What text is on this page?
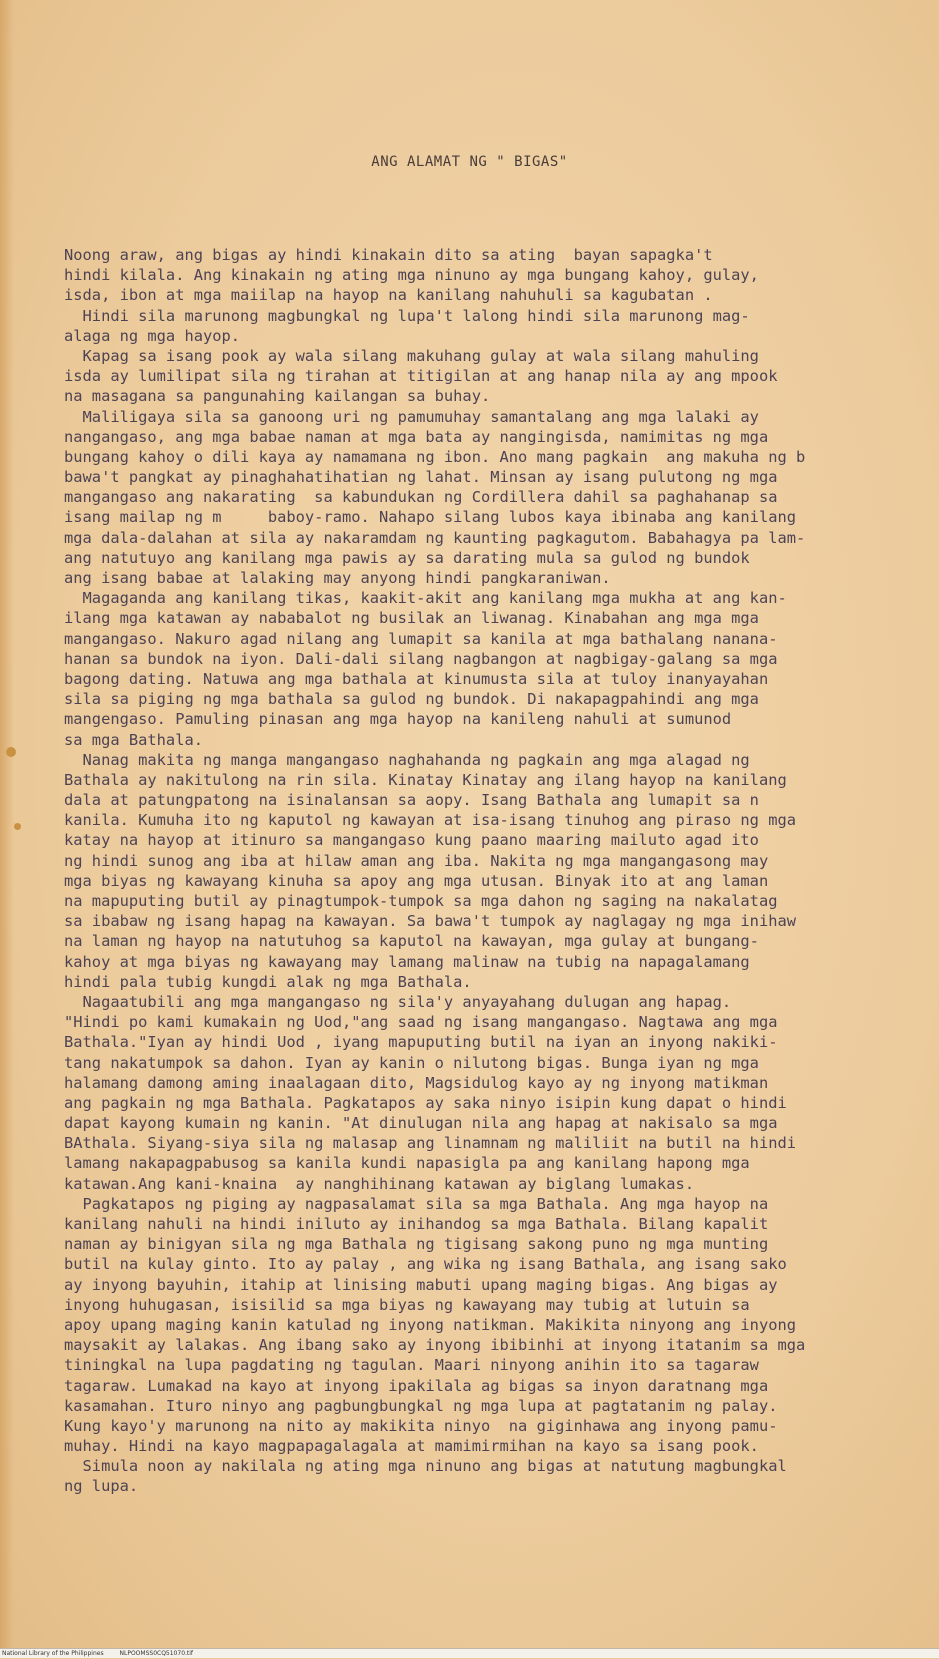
ANG ALAMAT NG " BIGAS"
Noong araw, ang bigas ay hindi kinakain dito sa ating  bayan sapagka't
hindi kilala. Ang kinakain ng ating mga ninuno ay mga bungang kahoy, gulay,
isda, ibon at mga maiilap na hayop na kanilang nahuhuli sa kagubatan .
Hindi sila marunong magbungkal ng lupa't lalong hindi sila marunong mag-
alaga ng mga hayop.
Kapag sa isang pook ay wala silang makuhang gulay at wala silang mahuling
isda ay lumilipat sila ng tirahan at titigilan at ang hanap nila ay ang mpook
na masagana sa pangunahing kailangan sa buhay.
Maliligaya sila sa ganoong uri ng pamumuhay samantalang ang mga lalaki ay
nangangaso, ang mga babae naman at mga bata ay nangingisda, namimitas ng mga
bungang kahoy o dili kaya ay namamana ng ibon. Ano mang pagkain  ang makuha ng b
bawa't pangkat ay pinaghahatihatian ng lahat. Minsan ay isang pulutong ng mga
mangangaso ang nakarating  sa kabundukan ng Cordillera dahil sa paghahanap sa
isang mailap ng m     baboy-ramo. Nahapo silang lubos kaya ibinaba ang kanilang
mga dala-dalahan at sila ay nakaramdam ng kaunting pagkagutom. Babahagya pa lam-
ang natutuyo ang kanilang mga pawis ay sa darating mula sa gulod ng bundok
ang isang babae at lalaking may anyong hindi pangkaraniwan.
Magaganda ang kanilang tikas, kaakit-akit ang kanilang mga mukha at ang kan-
ilang mga katawan ay nababalot ng busilak an liwanag. Kinabahan ang mga mga
mangangaso. Nakuro agad nilang ang lumapit sa kanila at mga bathalang nanana-
hanan sa bundok na iyon. Dali-dali silang nagbangon at nagbigay-galang sa mga
bagong dating. Natuwa ang mga bathala at kinumusta sila at tuloy inanyayahan
sila sa piging ng mga bathala sa gulod ng bundok. Di nakapagpahindi ang mga
mangengaso. Pamuling pinasan ang mga hayop na kanileng nahuli at sumunod
sa mga Bathala.
Nanag makita ng manga mangangaso naghahanda ng pagkain ang mga alagad ng
Bathala ay nakitulong na rin sila. Kinatay Kinatay ang ilang hayop na kanilang
dala at patungpatong na isinalansan sa aopy. Isang Bathala ang lumapit sa n
kanila. Kumuha ito ng kaputol ng kawayan at isa-isang tinuhog ang piraso ng mga
katay na hayop at itinuro sa mangangaso kung paano maaring mailuto agad ito
ng hindi sunog ang iba at hilaw aman ang iba. Nakita ng mga mangangasong may
mga biyas ng kawayang kinuha sa apoy ang mga utusan. Binyak ito at ang laman
na mapuputing butil ay pinagtumpok-tumpok sa mga dahon ng saging na nakalatag
sa ibabaw ng isang hapag na kawayan. Sa bawa't tumpok ay naglagay ng mga inihaw
na laman ng hayop na natutuhog sa kaputol na kawayan, mga gulay at bungang-
kahoy at mga biyas ng kawayang may lamang malinaw na tubig na napagalamang
hindi pala tubig kungdi alak ng mga Bathala.
Nagaatubili ang mga mangangaso ng sila'y anyayahang dulugan ang hapag.
"Hindi po kami kumakain ng Uod,"ang saad ng isang mangangaso. Nagtawa ang mga
Bathala."Iyan ay hindi Uod , iyang mapuputing butil na iyan an inyong nakiki-
tang nakatumpok sa dahon. Iyan ay kanin o nilutong bigas. Bunga iyan ng mga
halamang damong aming inaalagaan dito, Magsidulog kayo ay ng inyong matikman
ang pagkain ng mga Bathala. Pagkatapos ay saka ninyo isipin kung dapat o hindi
dapat kayong kumain ng kanin. "At dinulugan nila ang hapag at nakisalo sa mga
BAthala. Siyang-siya sila ng malasap ang linamnam ng maliliit na butil na hindi
lamang nakapagpabusog sa kanila kundi napasigla pa ang kanilang hapong mga
katawan.Ang kani-knaina  ay nanghihinang katawan ay biglang lumakas.
Pagkatapos ng piging ay nagpasalamat sila sa mga Bathala. Ang mga hayop na
kanilang nahuli na hindi iniluto ay inihandog sa mga Bathala. Bilang kapalit
naman ay binigyan sila ng mga Bathala ng tigisang sakong puno ng mga munting
butil na kulay ginto. Ito ay palay , ang wika ng isang Bathala, ang isang sako
ay inyong bayuhin, itahip at linising mabuti upang maging bigas. Ang bigas ay
inyong huhugasan, isisilid sa mga biyas ng kawayang may tubig at lutuin sa
apoy upang maging kanin katulad ng inyong natikman. Makikita ninyong ang inyong
maysakit ay lalakas. Ang ibang sako ay inyong ibibinhi at inyong itatanim sa mga
tiningkal na lupa pagdating ng tagulan. Maari ninyong anihin ito sa tagaraw
tagaraw. Lumakad na kayo at inyong ipakilala ag bigas sa inyon daratnang mga
kasamahan. Ituro ninyo ang pagbungbungkal ng mga lupa at pagtatanim ng palay.
Kung kayo'y marunong na nito ay makikita ninyo  na giginhawa ang inyong pamu-
muhay. Hindi na kayo magpapagalagala at mamimirmihan na kayo sa isang pook.
Simula noon ay nakilala ng ating mga ninuno ang bigas at natutung magbungkal
ng lupa.
National Library of the Philippines	NLPOOMSS0CQ51070.tif
